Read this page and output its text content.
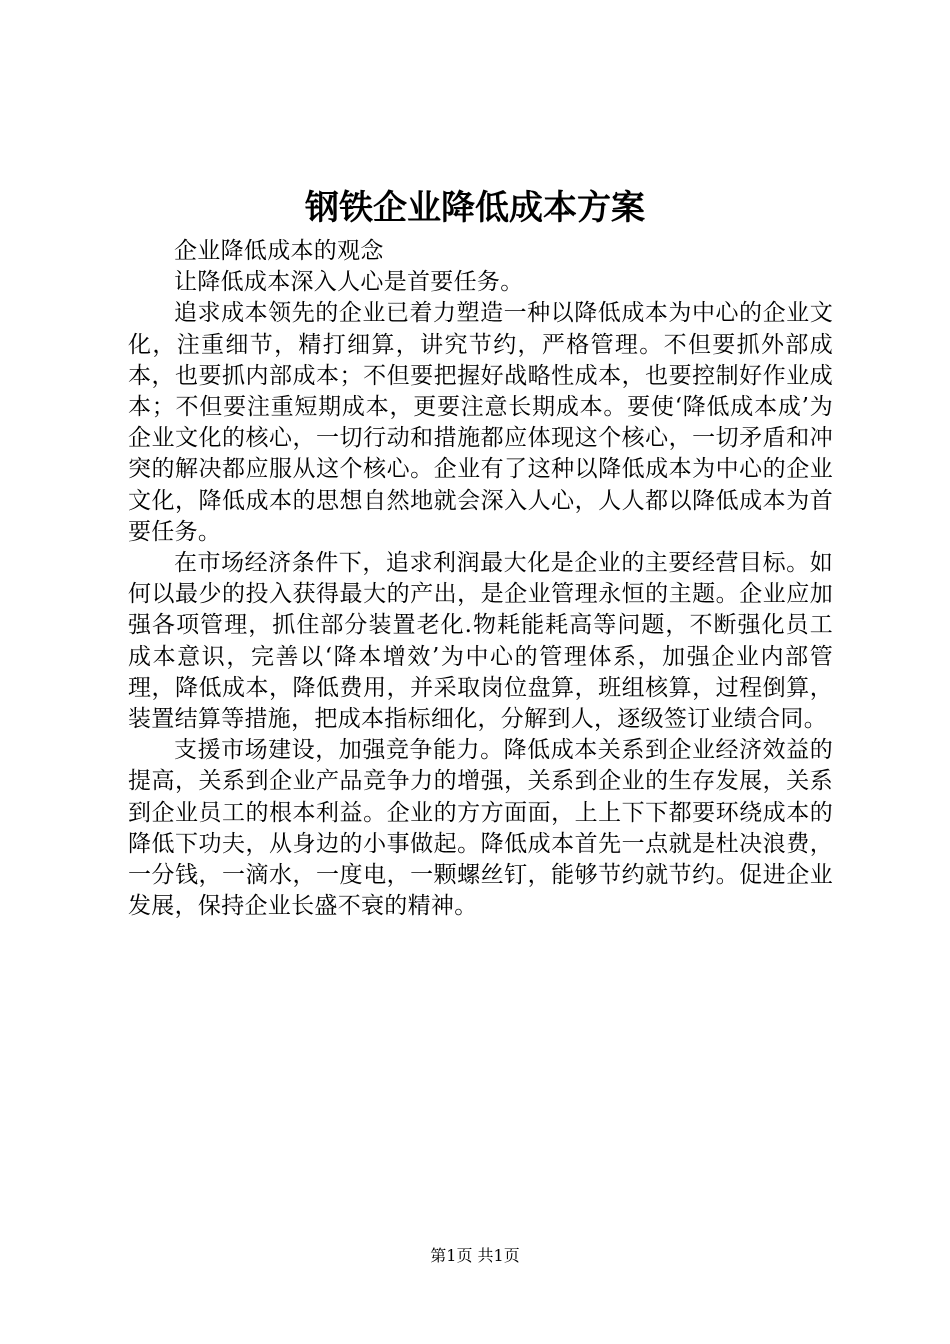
钢铁企业降低成本方案

企业降低成本的观念

让降低成本深入人心是首要任务。

追求成本领先的企业已着力塑造一种以降低成本为中心的企业文化，注重细节，精打细算，讲究节约，严格管理。不但要抓外部成本，也要抓内部成本；不但要把握好战略性成本，也要控制好作业成本；不但要注重短期成本，更要注意长期成本。要使‘降低成本成’为企业文化的核心，一切行动和措施都应体现这个核心，一切矛盾和冲突的解决都应服从这个核心。企业有了这种以降低成本为中心的企业文化，降低成本的思想自然地就会深入人心，人人都以降低成本为首要任务。

在市场经济条件下，追求利润最大化是企业的主要经营目标。如何以最少的投入获得最大的产出，是企业管理永恒的主题。企业应加强各项管理，抓住部分装置老化.物耗能耗高等问题，不断强化员工成本意识，完善以‘降本增效’为中心的管理体系，加强企业内部管理，降低成本，降低费用，并采取岗位盘算，班组核算，过程倒算，装置结算等措施，把成本指标细化，分解到人，逐级签订业绩合同。

支援市场建设，加强竞争能力。降低成本关系到企业经济效益的提高，关系到企业产品竞争力的增强，关系到企业的生存发展，关系到企业员工的根本利益。企业的方方面面，上上下下都要环绕成本的降低下功夫，从身边的小事做起。降低成本首先一点就是杜决浪费，一分钱，一滴水，一度电，一颗螺丝钉，能够节约就节约。促进企业发展，保持企业长盛不衰的精神。

第1页 共1页
